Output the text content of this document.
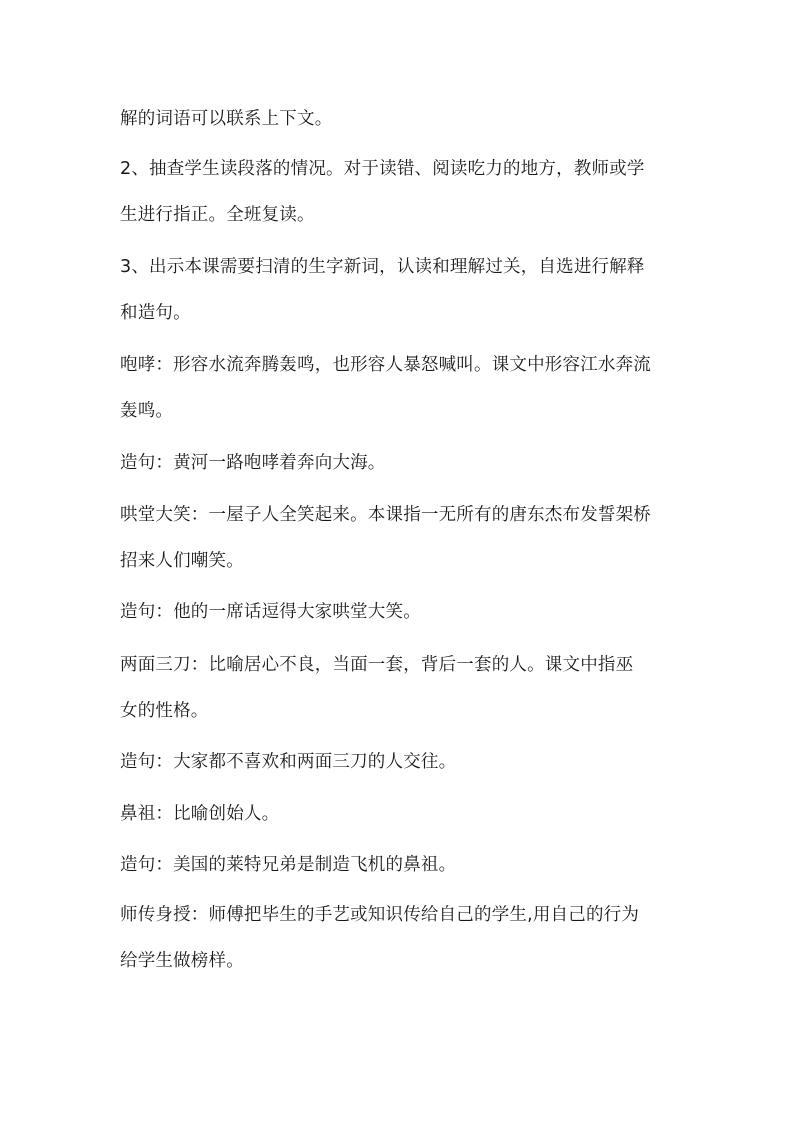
解的词语可以联系上下文。
2、抽查学生读段落的情况。对于读错、阅读吃力的地方，教师或学
生进行指正。全班复读。
3、出示本课需要扫清的生字新词，认读和理解过关，自选进行解释
和造句。
咆哮：形容水流奔腾轰鸣，也形容人暴怒喊叫。课文中形容江水奔流
轰鸣。
造句：黄河一路咆哮着奔向大海。
哄堂大笑：一屋子人全笑起来。本课指一无所有的唐东杰布发誓架桥
招来人们嘲笑。
造句：他的一席话逗得大家哄堂大笑。
两面三刀：比喻居心不良，当面一套，背后一套的人。课文中指巫
女的性格。
造句：大家都不喜欢和两面三刀的人交往。
鼻祖：比喻创始人。
造句：美国的莱特兄弟是制造飞机的鼻祖。
师传身授：师傅把毕生的手艺或知识传给自己的学生,用自己的行为
给学生做榜样。
